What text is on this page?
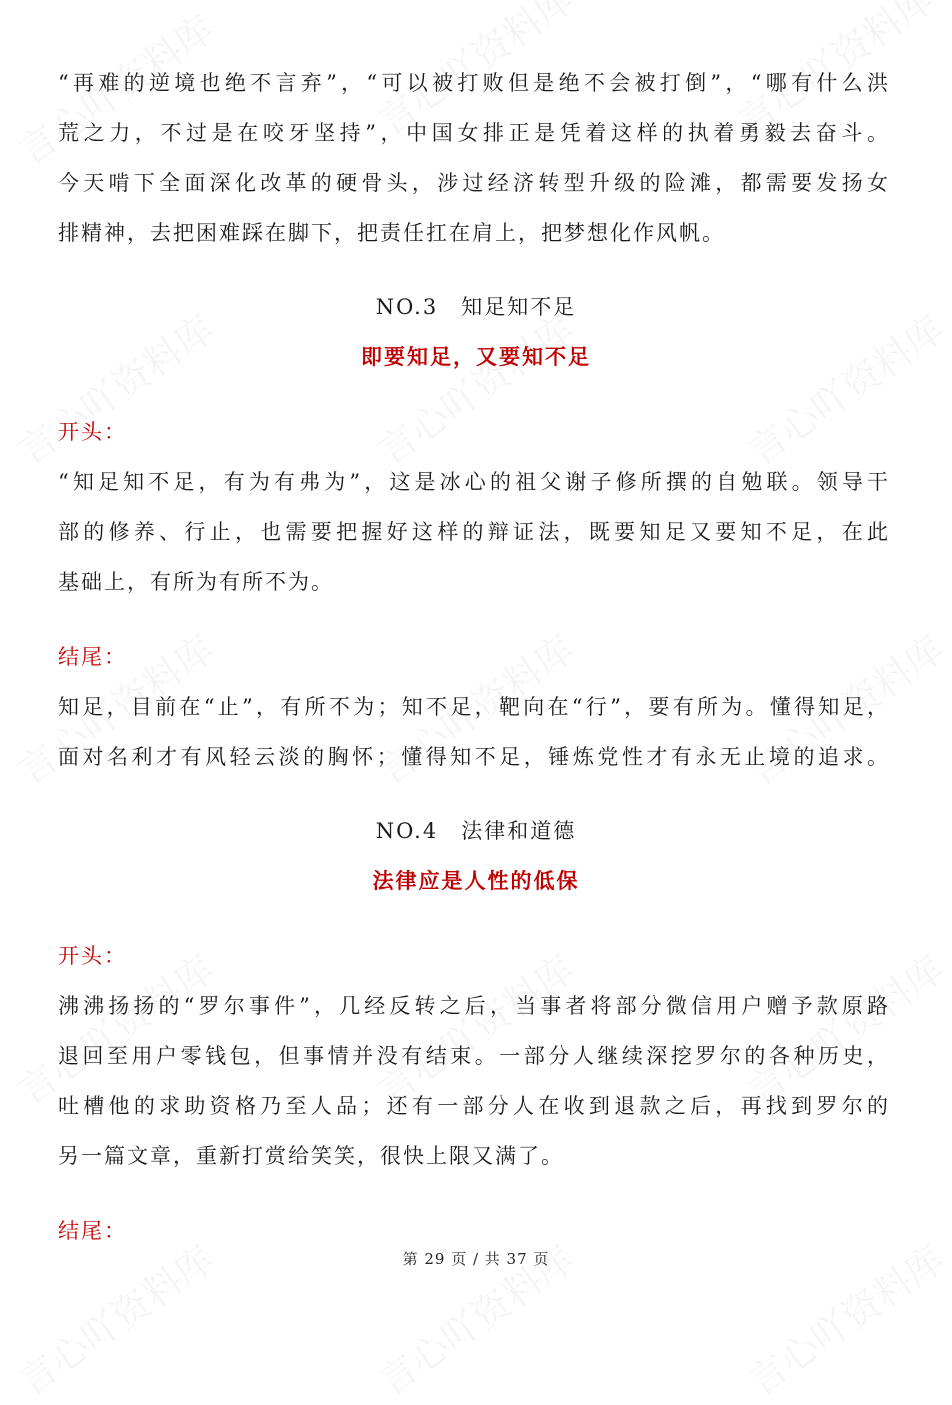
“再难的逆境也绝不言弃”，“可以被打败但是绝不会被打倒”，“哪有什么洪
荒之力，不过是在咬牙坚持”，中国女排正是凭着这样的执着勇毅去奋斗。
今天啃下全面深化改革的硬骨头，涉过经济转型升级的险滩，都需要发扬女
排精神，去把困难踩在脚下，把责任扛在肩上，把梦想化作风帆。
NO.3　知足知不足
即要知足，又要知不足
开头：
“知足知不足，有为有弗为”，这是冰心的祖父谢子修所撰的自勉联。领导干
部的修养、行止，也需要把握好这样的辩证法，既要知足又要知不足，在此
基础上，有所为有所不为。
结尾：
知足，目前在“止”，有所不为；知不足，靶向在“行”，要有所为。懂得知足，
面对名利才有风轻云淡的胸怀；懂得知不足，锤炼党性才有永无止境的追求。
NO.4　法律和道德
法律应是人性的低保
开头：
沸沸扬扬的“罗尔事件”，几经反转之后，当事者将部分微信用户赠予款原路
退回至用户零钱包，但事情并没有结束。一部分人继续深挖罗尔的各种历史，
吐槽他的求助资格乃至人品；还有一部分人在收到退款之后，再找到罗尔的
另一篇文章，重新打赏给笑笑，很快上限又满了。
结尾：
第 29 页 / 共 37 页
